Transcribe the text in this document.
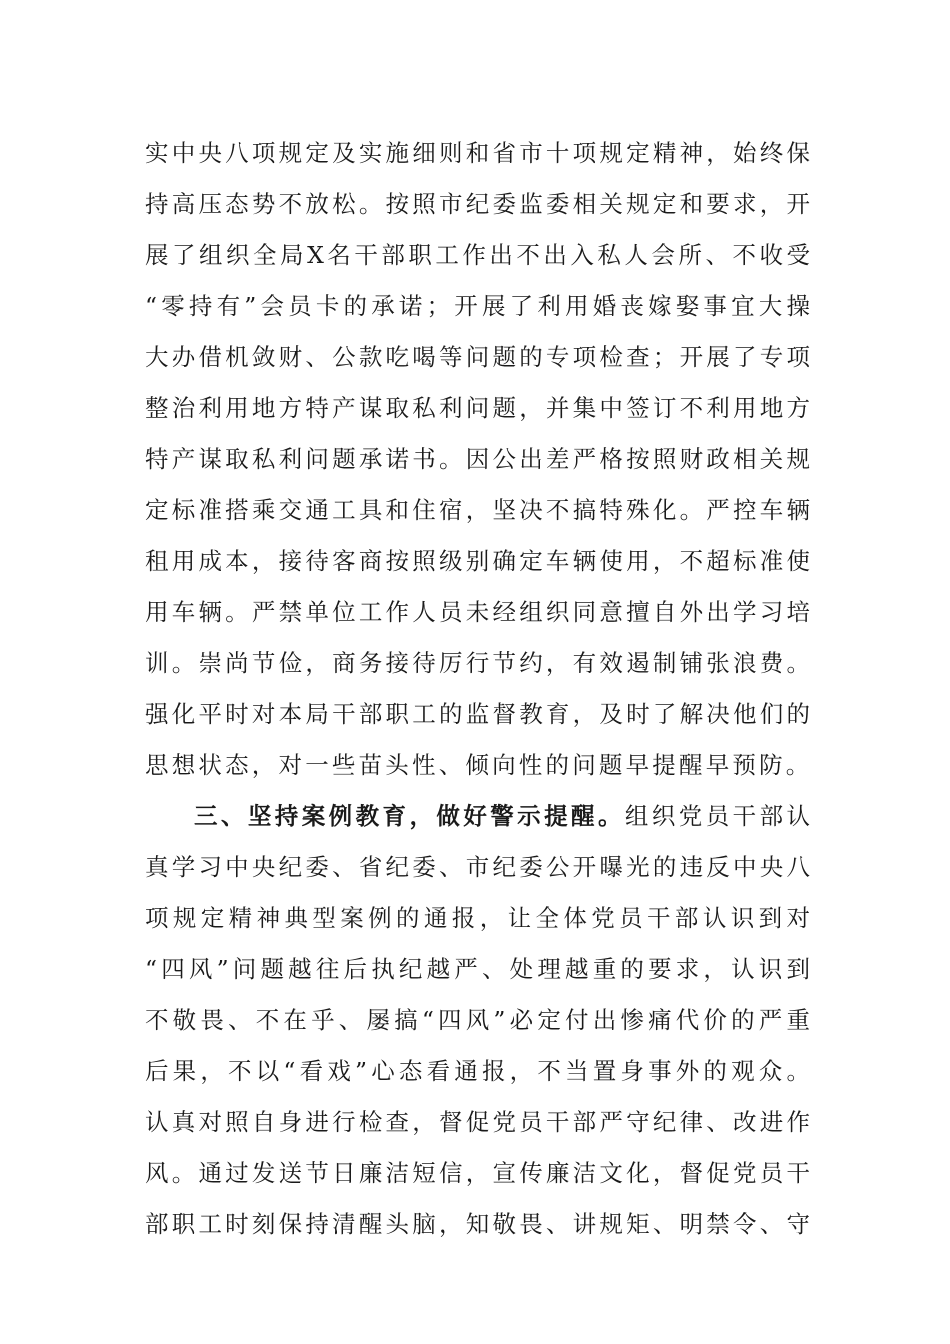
实中央八项规定及实施细则和省市十项规定精神，始终保
持高压态势不放松。按照市纪委监委相关规定和要求，开
展了组织全局X名干部职工作出不出入私人会所、不收受
“零持有”会员卡的承诺；开展了利用婚丧嫁娶事宜大操
大办借机敛财、公款吃喝等问题的专项检查；开展了专项
整治利用地方特产谋取私利问题，并集中签订不利用地方
特产谋取私利问题承诺书。因公出差严格按照财政相关规
定标准搭乘交通工具和住宿，坚决不搞特殊化。严控车辆
租用成本，接待客商按照级别确定车辆使用，不超标准使
用车辆。严禁单位工作人员未经组织同意擅自外出学习培
训。崇尚节俭，商务接待厉行节约，有效遏制铺张浪费。
强化平时对本局干部职工的监督教育，及时了解决他们的
思想状态，对一些苗头性、倾向性的问题早提醒早预防。
三、坚持案例教育，做好警示提醒。组织党员干部认
真学习中央纪委、省纪委、市纪委公开曝光的违反中央八
项规定精神典型案例的通报，让全体党员干部认识到对
“四风”问题越往后执纪越严、处理越重的要求，认识到
不敬畏、不在乎、屡搞“四风”必定付出惨痛代价的严重
后果，不以“看戏”心态看通报，不当置身事外的观众。
认真对照自身进行检查，督促党员干部严守纪律、改进作
风。通过发送节日廉洁短信，宣传廉洁文化，督促党员干
部职工时刻保持清醒头脑，知敬畏、讲规矩、明禁令、守
